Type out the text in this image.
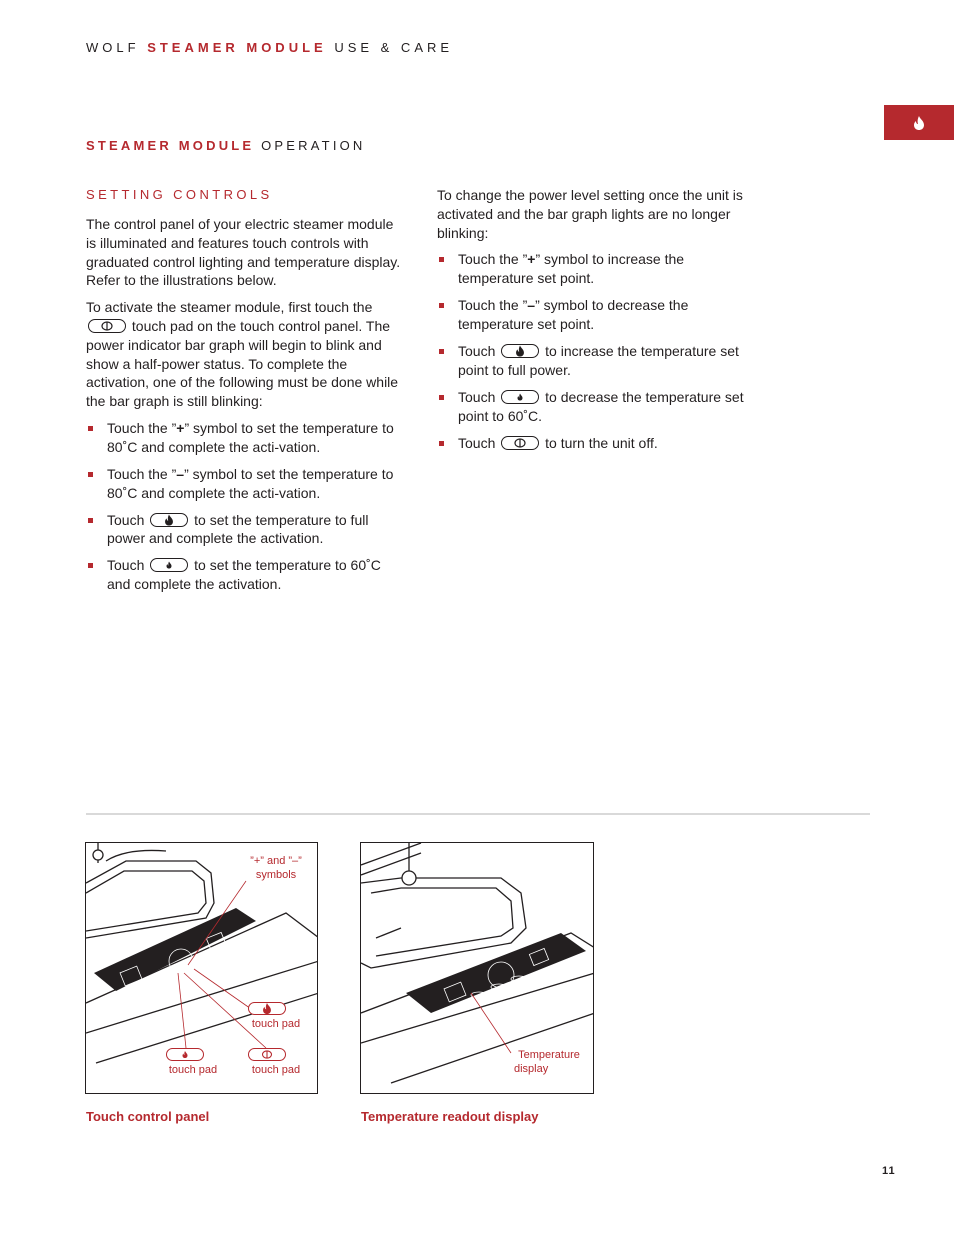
WOLF STEAMER MODULE USE & CARE
STEAMER MODULE OPERATION
SETTING CONTROLS

The control panel of your electric steamer module is illuminated and features touch controls with graduated control lighting and temperature display. Refer to the illustrations below.

To activate the steamer module, first touch the
touch pad on the touch control panel. The power indicator bar graph will begin to blink and show a half-power status. To complete the activation, one of the following must be done while the bar graph is still blinking:

Touch the ”+” symbol to set the temperature to 80˚C and complete the acti-vation.
Touch the ”–” symbol to set the temperature to 80˚C and complete the acti-vation.
Touch	to set the temperature to full power and complete the activation.
Touch	to set the temperature to 60˚C and complete the activation.

To change the power level setting once the unit is activated and the bar graph lights are no longer blinking:

Touch the ”+” symbol to increase the temperature set point.
Touch the ”–” symbol to decrease the temperature set point.
Touch	to increase the temperature set point to full power.
Touch	to decrease the temperature set point to 60˚C.
Touch	to turn the unit off.
WOLF
”+” and ”–”
symbols
touch pad
touch pad	touch pad
WOLF
Temperature
display
Touch control panel	Temperature readout display
11
